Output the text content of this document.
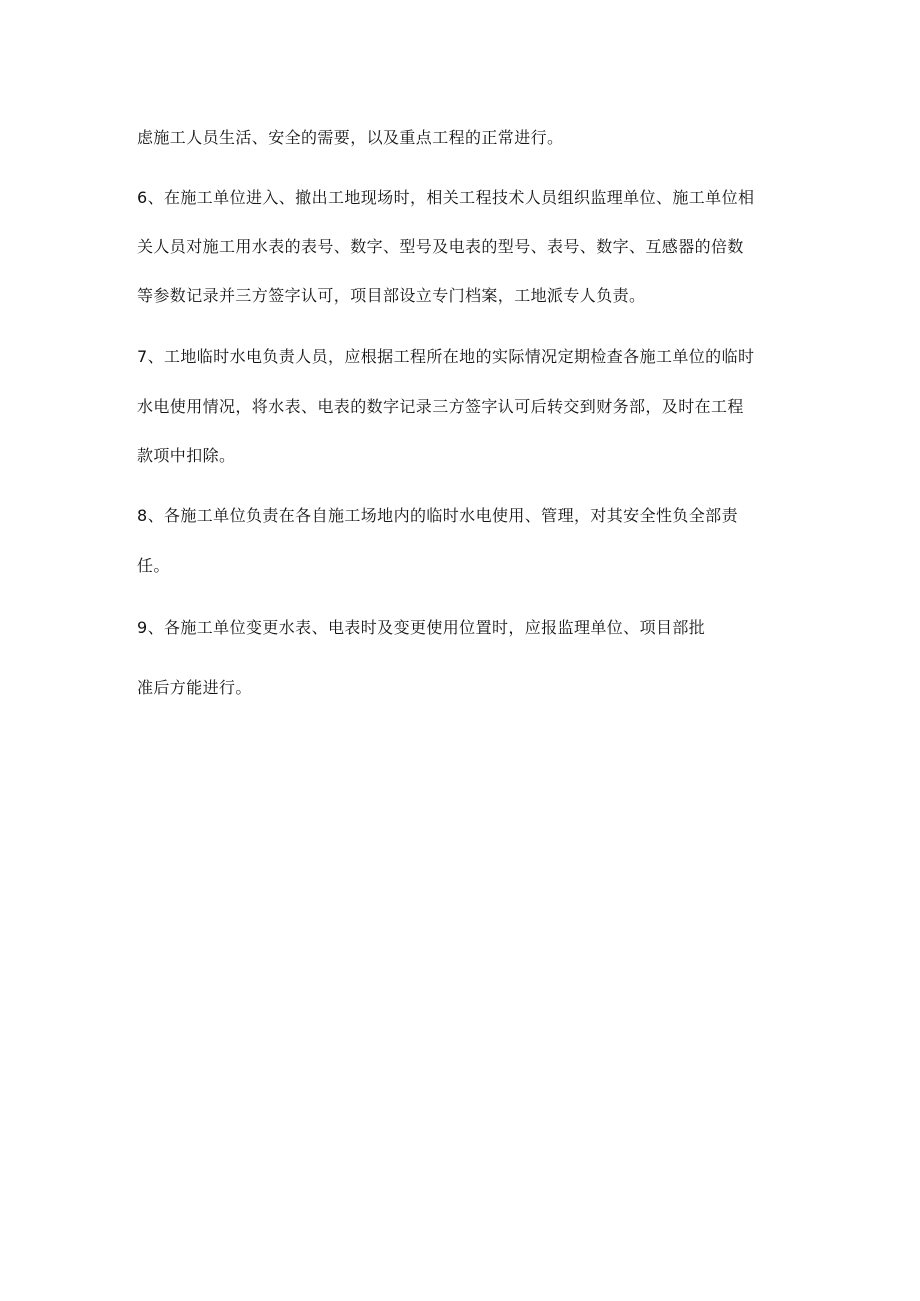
虑施工人员生活、安全的需要，以及重点工程的正常进行。
6、在施工单位进入、撤出工地现场时，相关工程技术人员组织监理单位、施工单位相
关人员对施工用水表的表号、数字、型号及电表的型号、表号、数字、互感器的倍数
等参数记录并三方签字认可，项目部设立专门档案，工地派专人负责。
7、工地临时水电负责人员，应根据工程所在地的实际情况定期检查各施工单位的临时
水电使用情况，将水表、电表的数字记录三方签字认可后转交到财务部，及时在工程
款项中扣除。
8、各施工单位负责在各自施工场地内的临时水电使用、管理，对其安全性负全部责
任。
9、各施工单位变更水表、电表时及变更使用位置时，应报监理单位、项目部批
准后方能进行。
